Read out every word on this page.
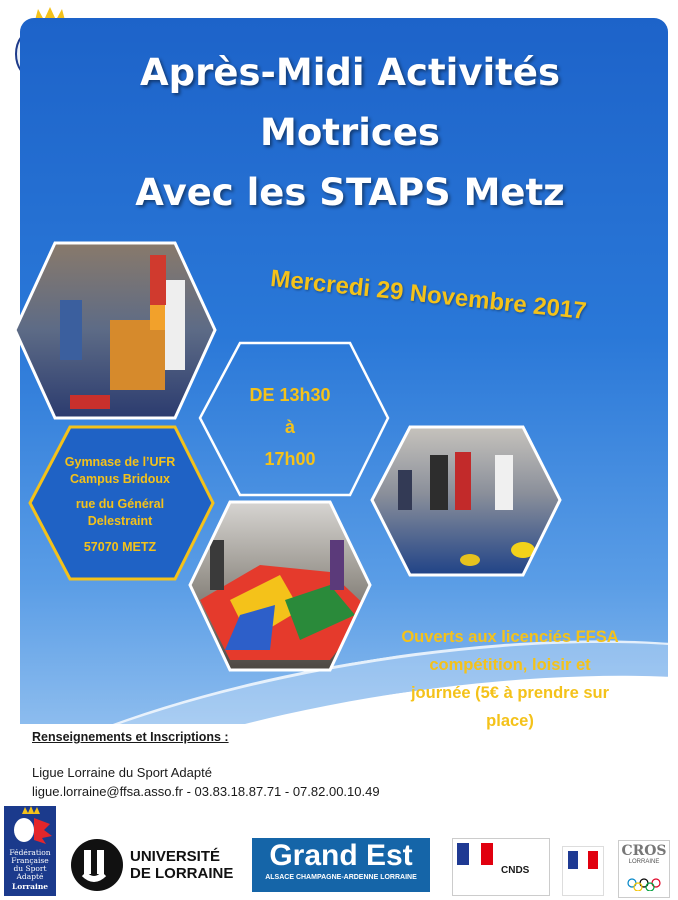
Après-Midi Activités
Motrices
Avec les STAPS Metz
Mercredi 29 Novembre 2017
DE 13h30
à
17h00
Gymnase de l’UFR
Campus Bridoux
rue du Général
Delestraint
57070 METZ
Ouverts aux licenciés FFSA
compétition, loisir et
journée (5€ à prendre sur
place)
Renseignements et Inscriptions :
Ligue Lorraine du Sport Adapté
ligue.lorraine@ffsa.asso.fr - 03.83.18.87.71 - 07.82.00.10.49
Fédération
Française
du Sport
Adapté
Lorraine
UNIVERSITÉ
DE LORRAINE
Grand Est
ALSACE CHAMPAGNE-ARDENNE LORRAINE
CNDS
CROS
LORRAINE
